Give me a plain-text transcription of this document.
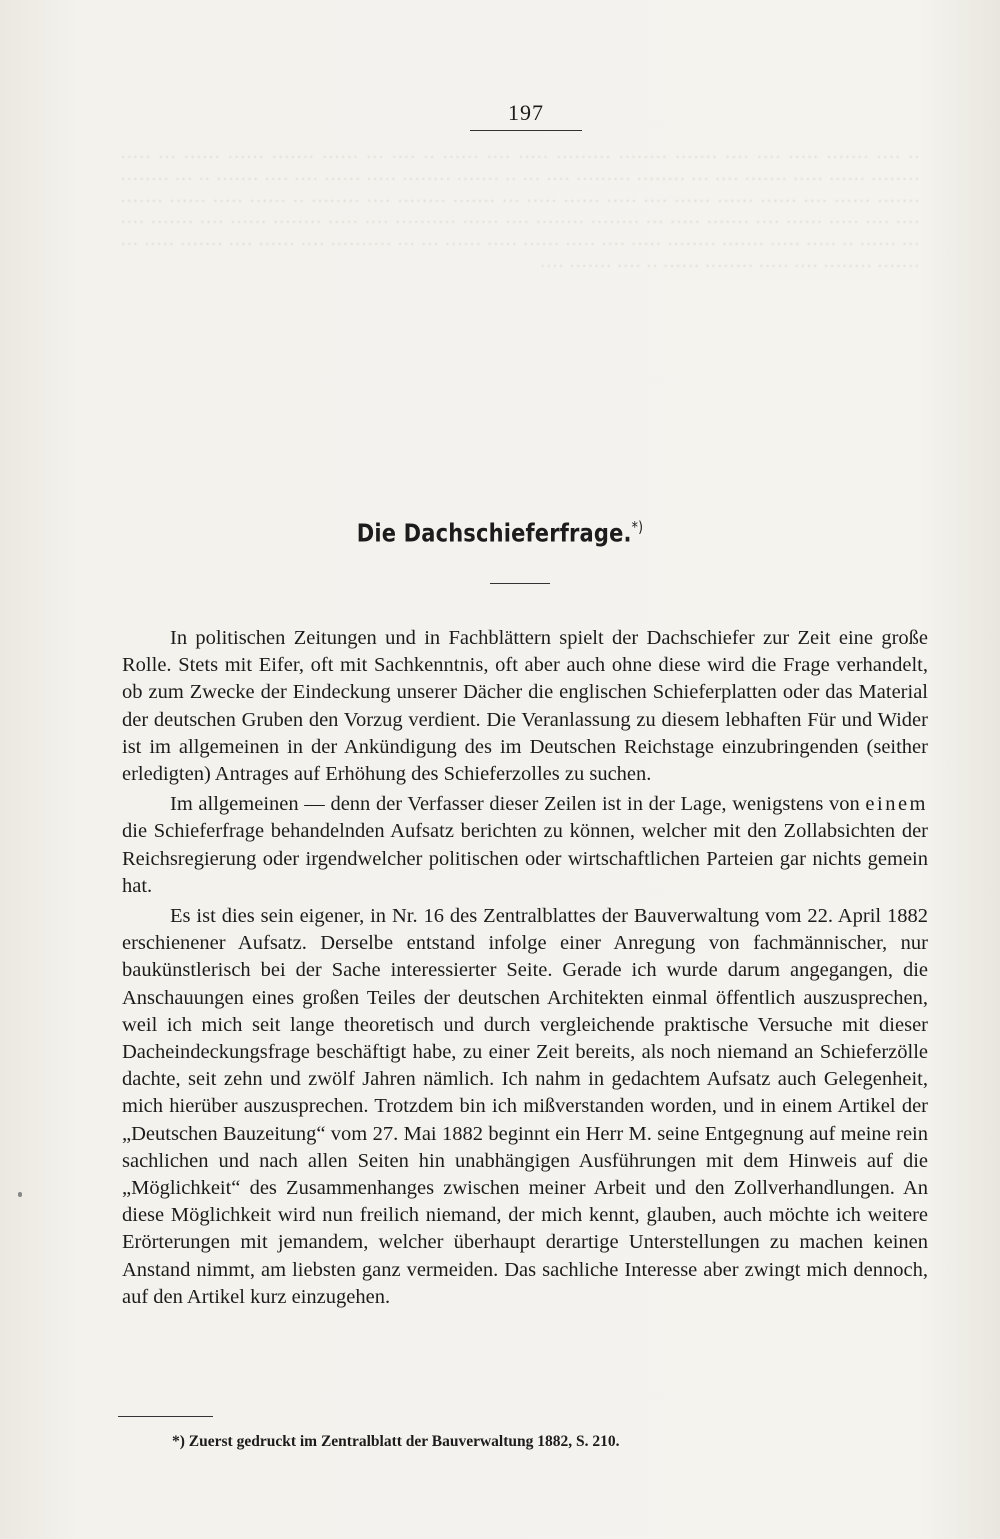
·· ···· ······· ····· ···· ···· ······· ········ ········· ····· ···· ······ ·· ···· ··· ······ ······· ······ ······ ··· ····· ········ ······ ····· ······· ···· ··· ········ ········· ···· ··· ·· ······· ········ ····· ······ ···· ···· ······· ·· ··· ········ ······· ······ ···· ······ ······ ······ ···· ····· ······ ····· ··· ······· ········ ···· ········ ·· ······ ····· ······ ······· ···· ···· ····· ······ ···· ······· ····· ··· ········ ········ ···· ······ ·········· ···· ····· ········ ······ ···· ······· ···· ··· ······ ·· ····· ····· ······· ········ ····· ···· ····· ······ ····· ······ ··· ··· ·········· ···· ······ ···· ······· ····· ··· ······· ········ ···· ····· ········ ······ ·· ···· ······· ····
197
Die Dachschieferfrage.*)

In politischen Zeitungen und in Fachblättern spielt der Dachschiefer zur Zeit eine große Rolle. Stets mit Eifer, oft mit Sachkenntnis, oft aber auch ohne diese wird die Frage verhandelt, ob zum Zwecke der Eindeckung unserer Dächer die englischen Schieferplatten oder das Material der deutschen Gruben den Vorzug verdient. Die Veranlassung zu diesem lebhaften Für und Wider ist im allgemeinen in der Ankündigung des im Deutschen Reichstage einzubringenden (seither erledigten) Antrages auf Erhöhung des Schieferzolles zu suchen.

Im allgemeinen — denn der Verfasser dieser Zeilen ist in der Lage, wenigstens von einem die Schieferfrage behandelnden Aufsatz berichten zu können, welcher mit den Zollabsichten der Reichsregierung oder irgendwelcher politischen oder wirtschaftlichen Parteien gar nichts gemein hat.

Es ist dies sein eigener, in Nr. 16 des Zentralblattes der Bauverwaltung vom 22. April 1882 erschienener Aufsatz. Derselbe entstand infolge einer Anregung von fachmännischer, nur baukünstlerisch bei der Sache interessierter Seite. Gerade ich wurde darum angegangen, die Anschauungen eines großen Teiles der deutschen Architekten einmal öffentlich auszusprechen, weil ich mich seit lange theoretisch und durch vergleichende praktische Versuche mit dieser Dacheindeckungsfrage beschäftigt habe, zu einer Zeit bereits, als noch niemand an Schieferzölle dachte, seit zehn und zwölf Jahren nämlich. Ich nahm in gedachtem Aufsatz auch Gelegenheit, mich hierüber auszusprechen. Trotzdem bin ich mißverstanden worden, und in einem Artikel der „Deutschen Bauzeitung“ vom 27. Mai 1882 beginnt ein Herr M. seine Entgegnung auf meine rein sachlichen und nach allen Seiten hin unabhängigen Ausführungen mit dem Hinweis auf die „Möglichkeit“ des Zusammenhanges zwischen meiner Arbeit und den Zollverhandlungen. An diese Möglichkeit wird nun freilich niemand, der mich kennt, glauben, auch möchte ich weitere Erörterungen mit jemandem, welcher überhaupt derartige Unterstellungen zu machen keinen Anstand nimmt, am liebsten ganz vermeiden. Das sachliche Interesse aber zwingt mich dennoch, auf den Artikel kurz einzugehen.

*) Zuerst gedruckt im Zentralblatt der Bauverwaltung 1882, S. 210.
